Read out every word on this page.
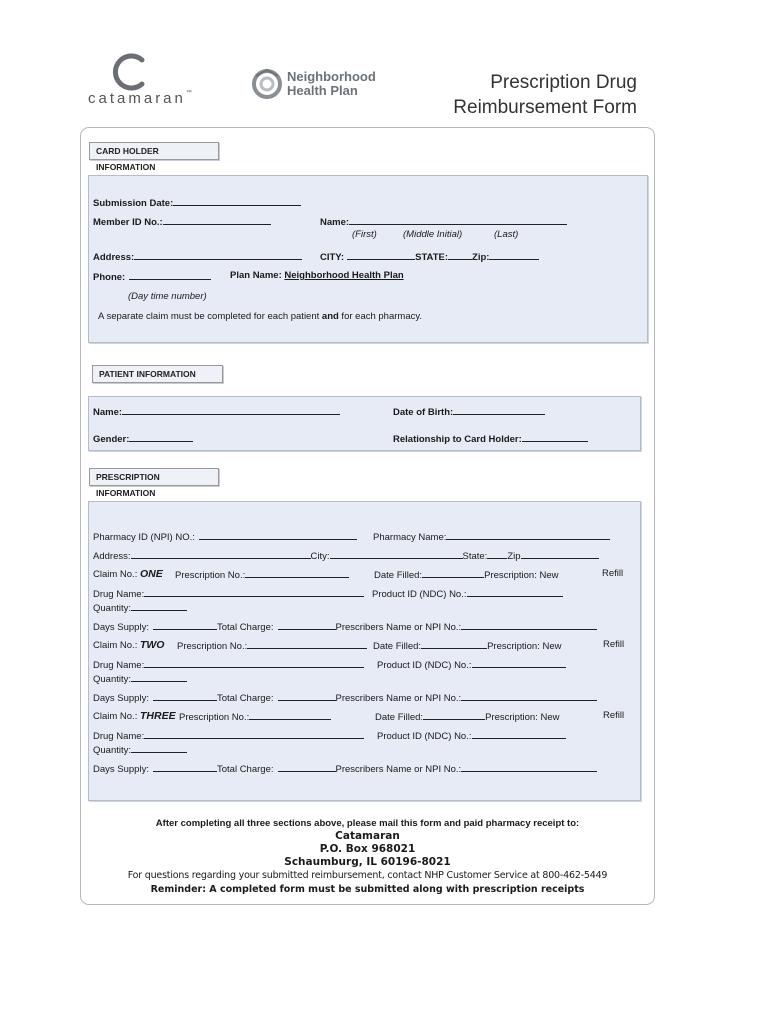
catamaran™
Neighborhood
Health Plan	Prescription Drug
Reimbursement Form
CARD HOLDER INFORMATION
Submission Date:
Member ID No.:	Name:
(First)	(Middle Initial)	(Last)
Address:	CITY:	STATE:	Zip:
Phone:	Plan Name: Neighborhood Health Plan
(Day time number)
A separate claim must be completed for each patient and for each pharmacy.
PATIENT INFORMATION
Name:	Date of Birth:
Gender:	Relationship to Card Holder:
PRESCRIPTION INFORMATION
Pharmacy ID (NPI) NO.:	Pharmacy Name:
Address:	City:	State: Zip
Claim No.: ONE Prescription No.:	Date Filled:	Prescription: New	Refill
Drug Name:	Product ID (NDC) No.:
Quantity:
Days Supply:	Total Charge:	Prescribers Name or NPI No.:
Claim No.: TWO Prescription No.:	Date Filled:	Prescription: New	Refill
Drug Name:	Product ID (NDC) No.:
Quantity:
Days Supply:	Total Charge:	Prescribers Name or NPI No.:
Claim No.: THREE Prescription No.:	Date Filled:	Prescription: New	Refill
Drug Name:	Product ID (NDC) No.:
Quantity:
Days Supply:	Total Charge:	Prescribers Name or NPI No.:
After completing all three sections above, please mail this form and paid pharmacy receipt to:
Catamaran
P.O. Box 968021
Schaumburg, IL 60196-8021
For questions regarding your submitted reimbursement, contact NHP Customer Service at 800-462-5449
Reminder: A completed form must be submitted along with prescription receipts
